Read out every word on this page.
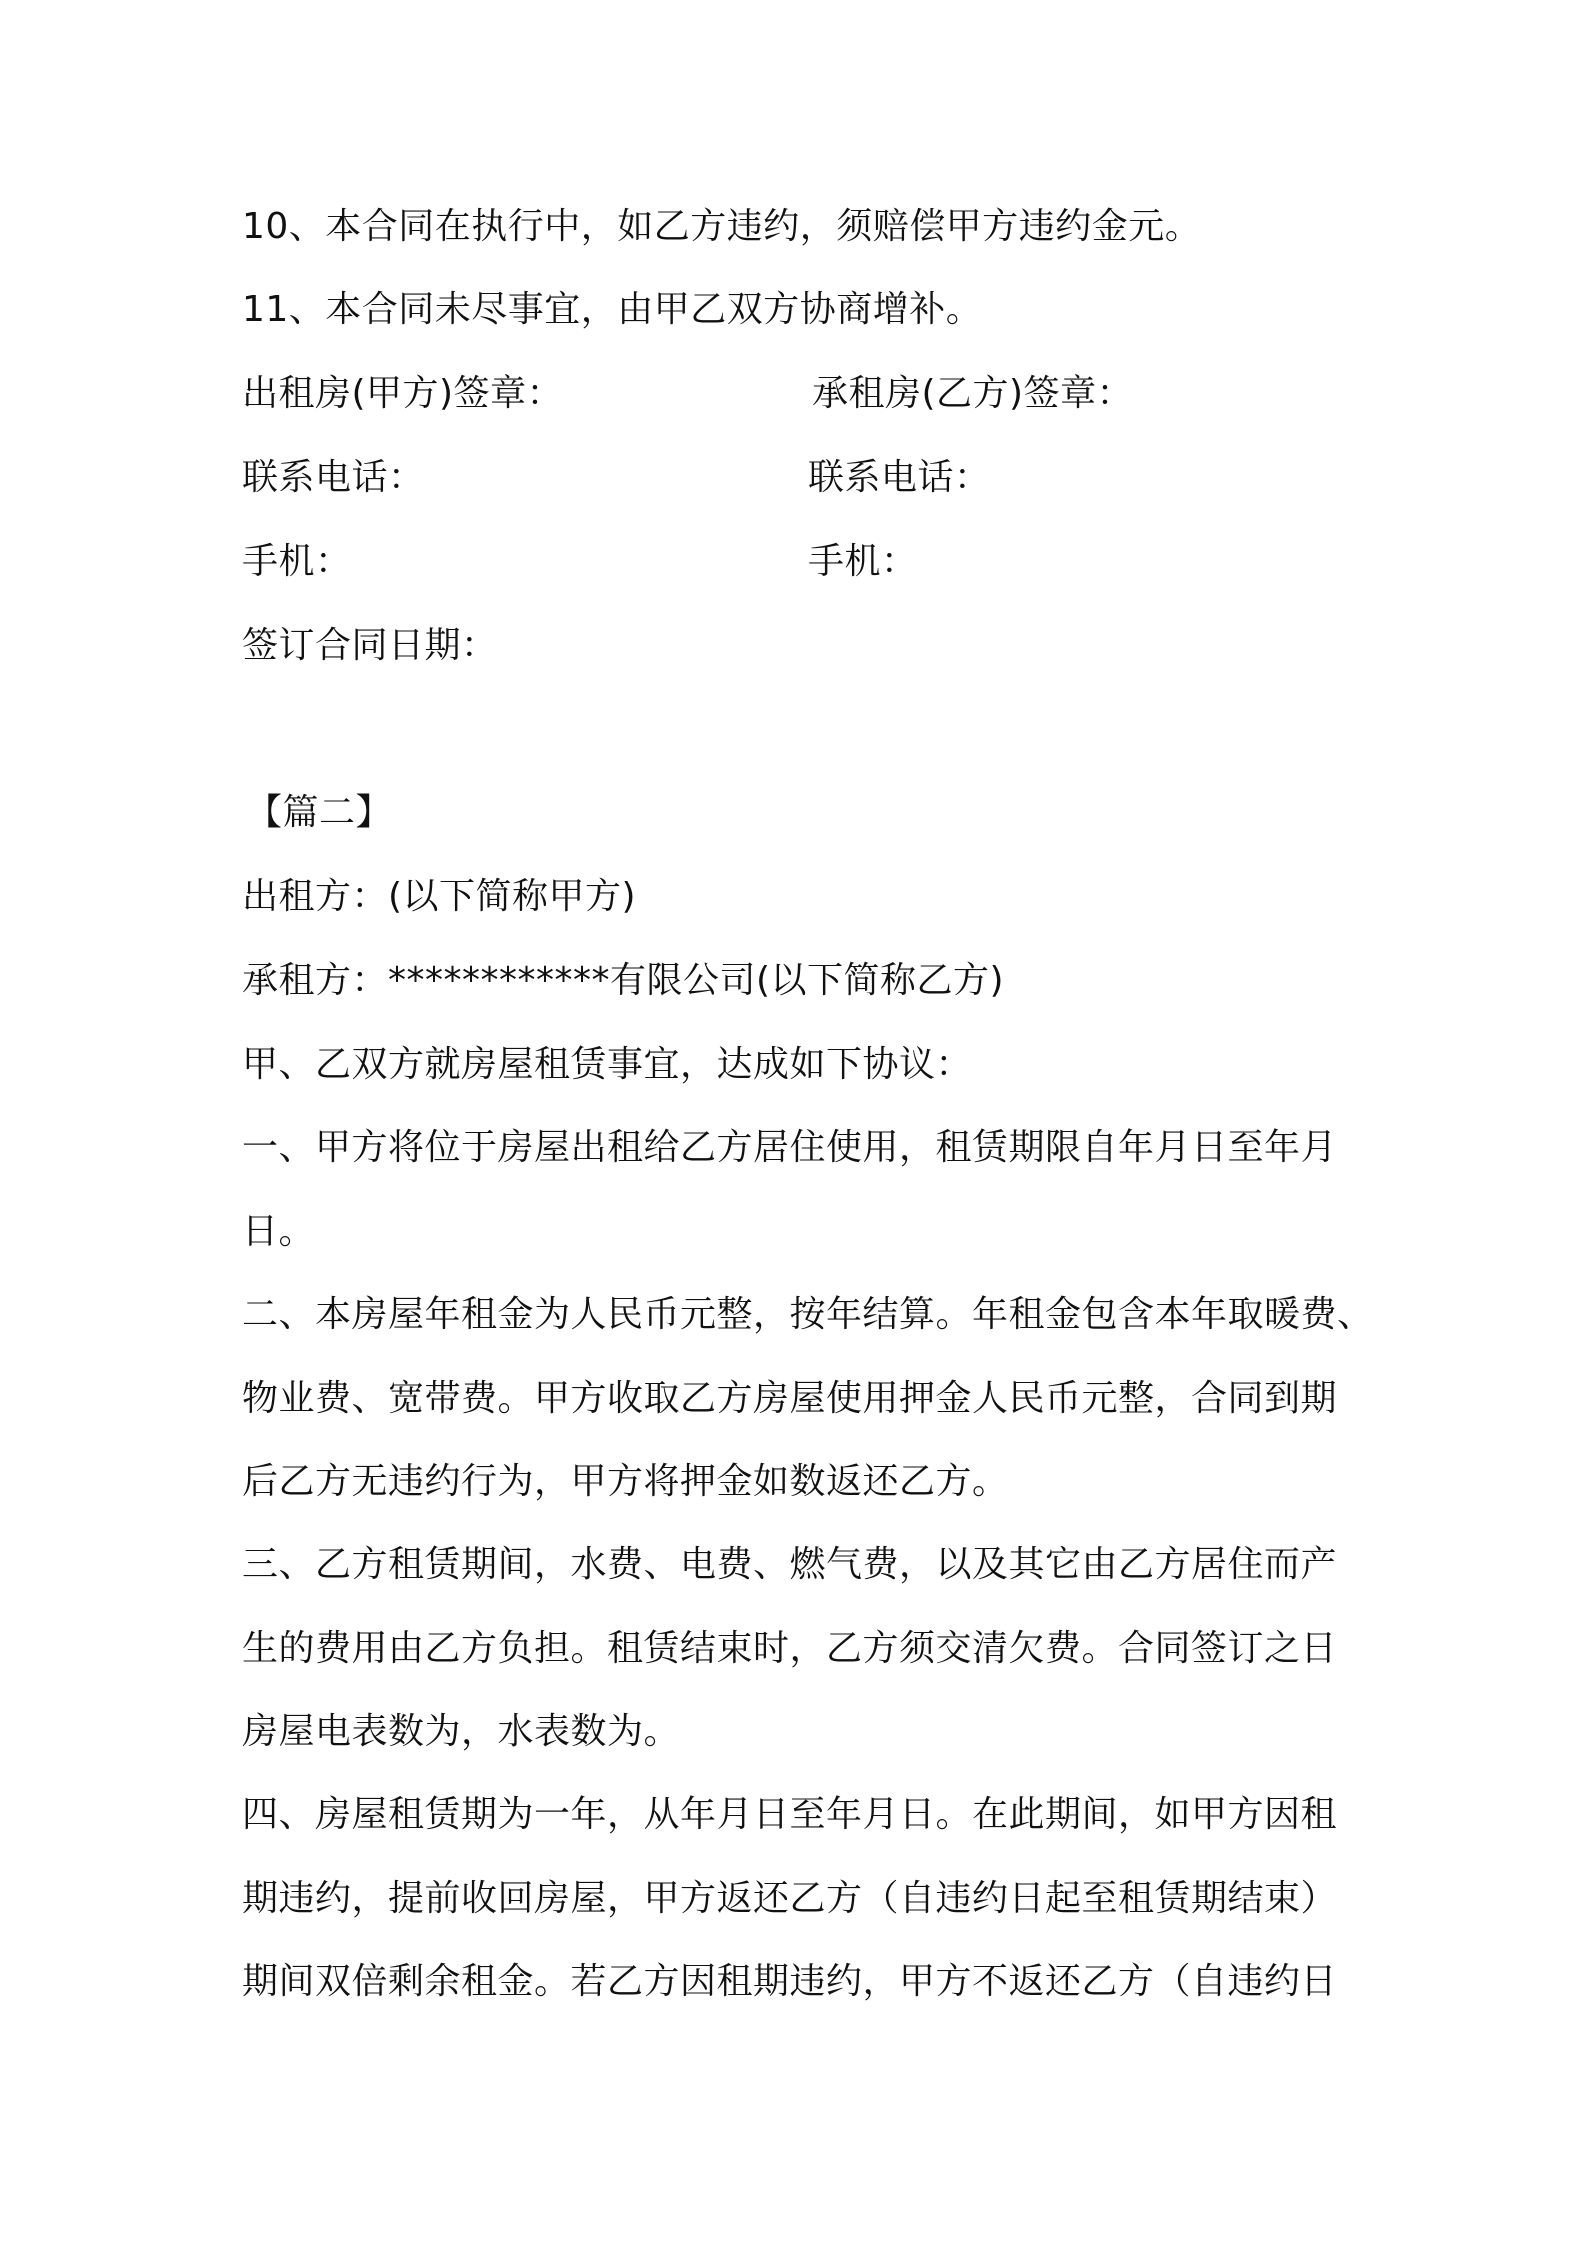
10、本合同在执行中，如乙方违约，须赔偿甲方违约金元。
11、本合同未尽事宜，由甲乙双方协商增补。
出租房(甲方)签章：	承租房(乙方)签章：
联系电话：	联系电话：
手机：	手机：
签订合同日期：
【篇二】
出租方：(以下简称甲方)
承租方：************有限公司(以下简称乙方)
甲、乙双方就房屋租赁事宜，达成如下协议：
一、甲方将位于房屋出租给乙方居住使用，租赁期限自年月日至年月
日。
二、本房屋年租金为人民币元整，按年结算。年租金包含本年取暖费、
物业费、宽带费。甲方收取乙方房屋使用押金人民币元整，合同到期
后乙方无违约行为，甲方将押金如数返还乙方。
三、乙方租赁期间，水费、电费、燃气费，以及其它由乙方居住而产
生的费用由乙方负担。租赁结束时，乙方须交清欠费。合同签订之日
房屋电表数为，水表数为。
四、房屋租赁期为一年，从年月日至年月日。在此期间，如甲方因租
期违约，提前收回房屋，甲方返还乙方（自违约日起至租赁期结束）
期间双倍剩余租金。若乙方因租期违约，甲方不返还乙方（自违约日
